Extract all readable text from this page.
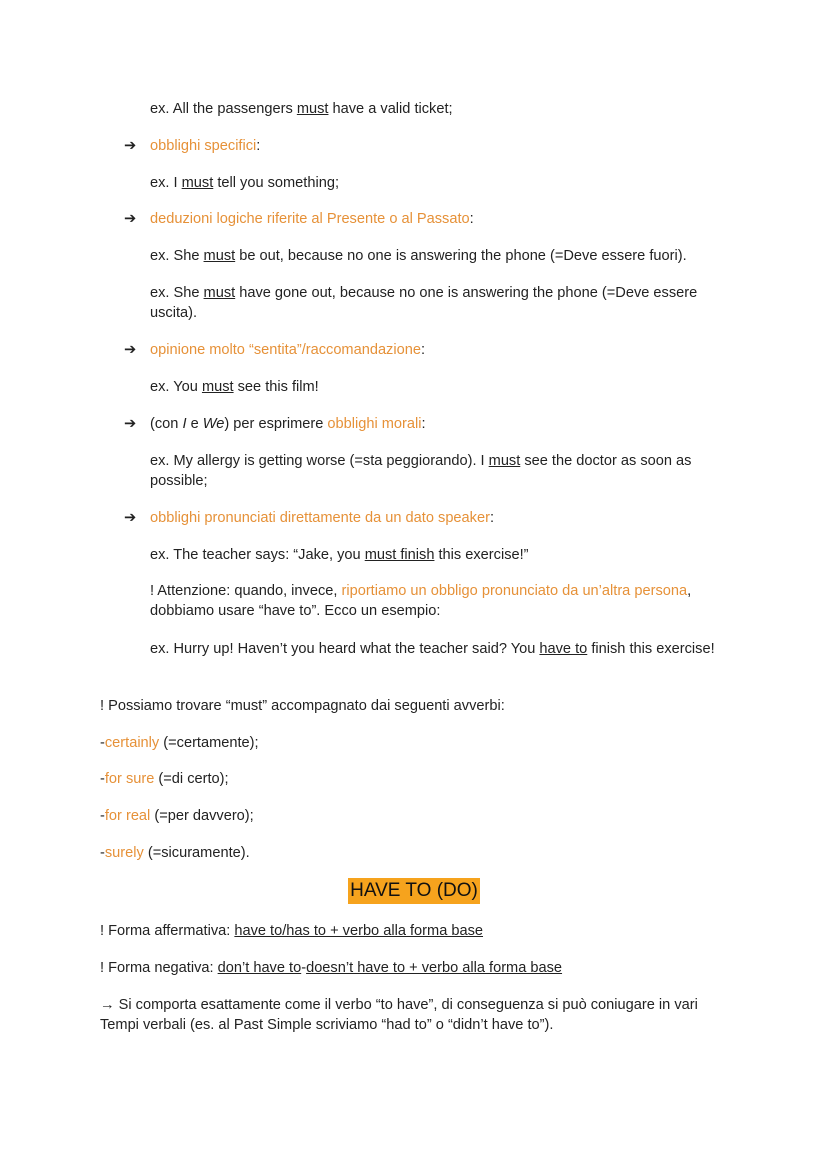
ex. All the passengers must have a valid ticket;
➔ obblighi specifici:
ex. I must tell you something;
➔ deduzioni logiche riferite al Presente o al Passato:
ex. She must be out, because no one is answering the phone (=Deve essere fuori).
ex. She must have gone out, because no one is answering the phone (=Deve essere uscita).
➔ opinione molto “sentita”/raccomandazione:
ex. You must see this film!
➔ (con I e We) per esprimere obblighi morali:
ex. My allergy is getting worse (=sta peggiorando). I must see the doctor as soon as possible;
➔ obblighi pronunciati direttamente da un dato speaker:
ex. The teacher says: “Jake, you must finish this exercise!”
! Attenzione: quando, invece, riportiamo un obbligo pronunciato da un’altra persona, dobbiamo usare “have to”. Ecco un esempio:
ex. Hurry up! Haven’t you heard what the teacher said? You have to finish this exercise!
! Possiamo trovare “must” accompagnato dai seguenti avverbi:
-certainly (=certamente);
-for sure (=di certo);
-for real (=per davvero);
-surely (=sicuramente).
HAVE TO (DO)
! Forma affermativa: have to/has to + verbo alla forma base
! Forma negativa: don’t have to-doesn’t have to + verbo alla forma base
→ Si comporta esattamente come il verbo “to have”, di conseguenza si può coniugare in vari Tempi verbali (es. al Past Simple scriviamo “had to” o “didn’t have to”).
